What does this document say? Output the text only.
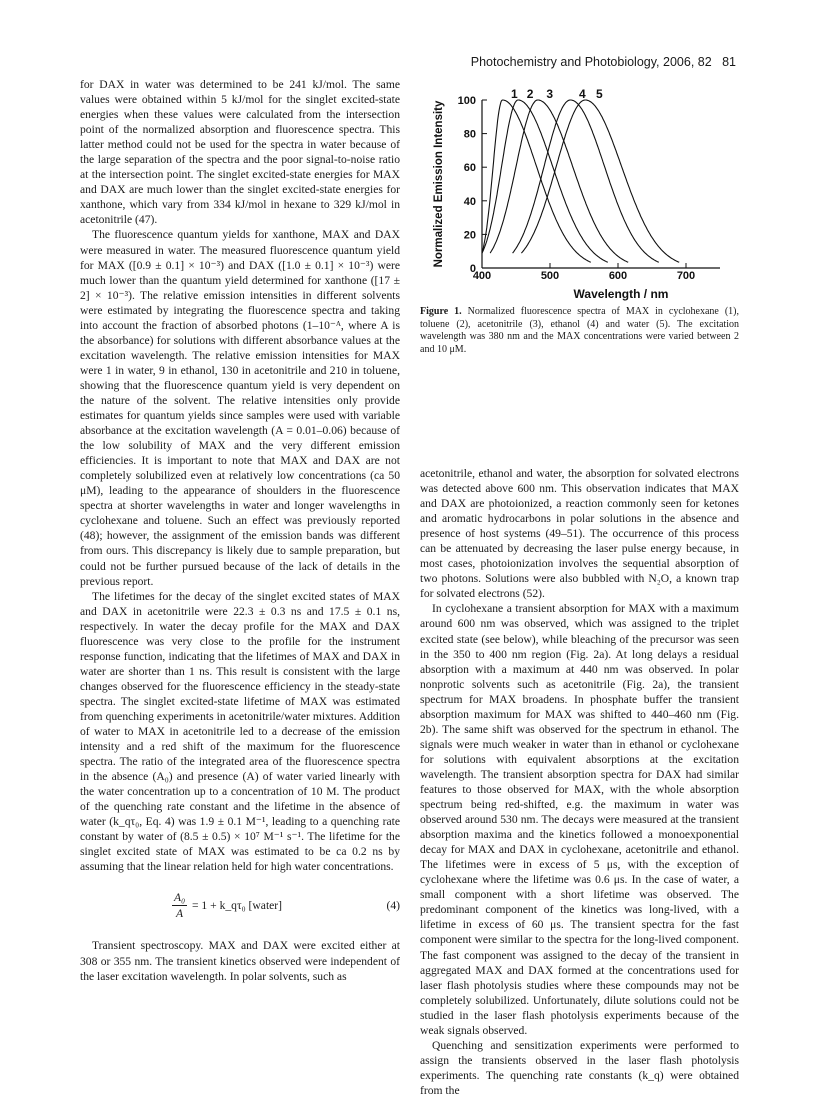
Photochemistry and Photobiology, 2006, 82 81

for DAX in water was determined to be 241 kJ/mol. The same values were obtained within 5 kJ/mol for the singlet excited-state energies when these values were calculated from the intersection point of the normalized absorption and fluorescence spectra. This latter method could not be used for the spectra in water because of the large separation of the spectra and the poor signal-to-noise ratio at the intersection point. The singlet excited-state energies for MAX and DAX are much lower than the singlet excited-state energies for xanthone, which vary from 334 kJ/mol in hexane to 329 kJ/mol in acetonitrile (47).

The fluorescence quantum yields for xanthone, MAX and DAX were measured in water. The measured fluorescence quantum yield for MAX ([0.9 ± 0.1] × 10⁻³) and DAX ([1.0 ± 0.1] × 10⁻³) were much lower than the quantum yield determined for xanthone ([17 ± 2] × 10⁻³). The relative emission intensities in different solvents were estimated by integrating the fluorescence spectra and taking into account the fraction of absorbed photons (1–10⁻ᴬ, where A is the absorbance) for solutions with different absorbance values at the excitation wavelength. The relative emission intensities for MAX were 1 in water, 9 in ethanol, 130 in acetonitrile and 210 in toluene, showing that the fluorescence quantum yield is very dependent on the nature of the solvent. The relative intensities only provide estimates for quantum yields since samples were used with variable absorbance at the excitation wavelength (A = 0.01–0.06) because of the low solubility of MAX and the very different emission efficiencies. It is important to note that MAX and DAX are not completely solubilized even at relatively low concentrations (ca 50 μM), leading to the appearance of shoulders in the fluorescence spectra at shorter wavelengths in water and longer wavelengths in cyclohexane and toluene. Such an effect was previously reported (48); however, the assignment of the emission bands was different from ours. This discrepancy is likely due to sample preparation, but could not be further pursued because of the lack of details in the previous report.

The lifetimes for the decay of the singlet excited states of MAX and DAX in acetonitrile were 22.3 ± 0.3 ns and 17.5 ± 0.1 ns, respectively. In water the decay profile for the MAX and DAX fluorescence was very close to the profile for the instrument response function, indicating that the lifetimes of MAX and DAX in water are shorter than 1 ns. This result is consistent with the large changes observed for the fluorescence efficiency in the steady-state spectra. The singlet excited-state lifetime of MAX was estimated from quenching experiments in acetonitrile/water mixtures. Addition of water to MAX in acetonitrile led to a decrease of the emission intensity and a red shift of the maximum for the fluorescence spectra. The ratio of the integrated area of the fluorescence spectra in the absence (A₀) and presence (A) of water varied linearly with the water concentration up to a concentration of 10 M. The product of the quenching rate constant and the lifetime in the absence of water (k_qτ₀, Eq. 4) was 1.9 ± 0.1 M⁻¹, leading to a quenching rate constant by water of (8.5 ± 0.5) × 10⁷ M⁻¹ s⁻¹. The lifetime for the singlet excited state of MAX was estimated to be ca 0.2 ns by assuming that the linear relation held for high water concentrations.

$\frac{\text{A₀}}{A} = 1$ + k_qτ₀ [water]	(4)

Transient spectroscopy. MAX and DAX were excited either at 308 or 355 nm. The transient kinetics observed were independent of the laser excitation wavelength. In polar solvents, such as

0
20
40
60
80
100
400	500	600	700
Wavelength / nm
Normalized Emission Intensity
1 2 3 4 5
Figure 1. Normalized fluorescence spectra of MAX in cyclohexane (1), toluene (2), acetonitrile (3), ethanol (4) and water (5). The excitation wavelength was 380 nm and the MAX concentrations were varied between 2 and 10 μM.

acetonitrile, ethanol and water, the absorption for solvated electrons was detected above 600 nm. This observation indicates that MAX and DAX are photoionized, a reaction commonly seen for ketones and aromatic hydrocarbons in polar solutions in the absence and presence of host systems (49–51). The occurrence of this process can be attenuated by decreasing the laser pulse energy because, in most cases, photoionization involves the sequential absorption of two photons. Solutions were also bubbled with N₂O, a known trap for solvated electrons (52).

In cyclohexane a transient absorption for MAX with a maximum around 600 nm was observed, which was assigned to the triplet excited state (see below), while bleaching of the precursor was seen in the 350 to 400 nm region (Fig. 2a). At long delays a residual absorption with a maximum at 440 nm was observed. In polar nonprotic solvents such as acetonitrile (Fig. 2a), the transient spectrum for MAX broadens. In phosphate buffer the transient absorption maximum for MAX was shifted to 440–460 nm (Fig. 2b). The same shift was observed for the spectrum in ethanol. The signals were much weaker in water than in ethanol or cyclohexane for solutions with equivalent absorptions at the excitation wavelength. The transient absorption spectra for DAX had similar features to those observed for MAX, with the whole absorption spectrum being red-shifted, e.g. the maximum in water was observed around 530 nm. The decays were measured at the transient absorption maxima and the kinetics followed a monoexponential decay for MAX and DAX in cyclohexane, acetonitrile and ethanol. The lifetimes were in excess of 5 μs, with the exception of cyclohexane where the lifetime was 0.6 μs. In the case of water, a small component with a short lifetime was observed. The predominant component of the kinetics was long-lived, with a lifetime in excess of 60 μs. The transient spectra for the fast component were similar to the spectra for the long-lived component. The fast component was assigned to the decay of the transient in aggregated MAX and DAX formed at the concentrations used for laser flash photolysis studies where these compounds may not be completely solubilized. Unfortunately, dilute solutions could not be studied in the laser flash photolysis experiments because of the weak signals observed.

Quenching and sensitization experiments were performed to assign the transients observed in the laser flash photolysis experiments. The quenching rate constants (k_q) were obtained from the
